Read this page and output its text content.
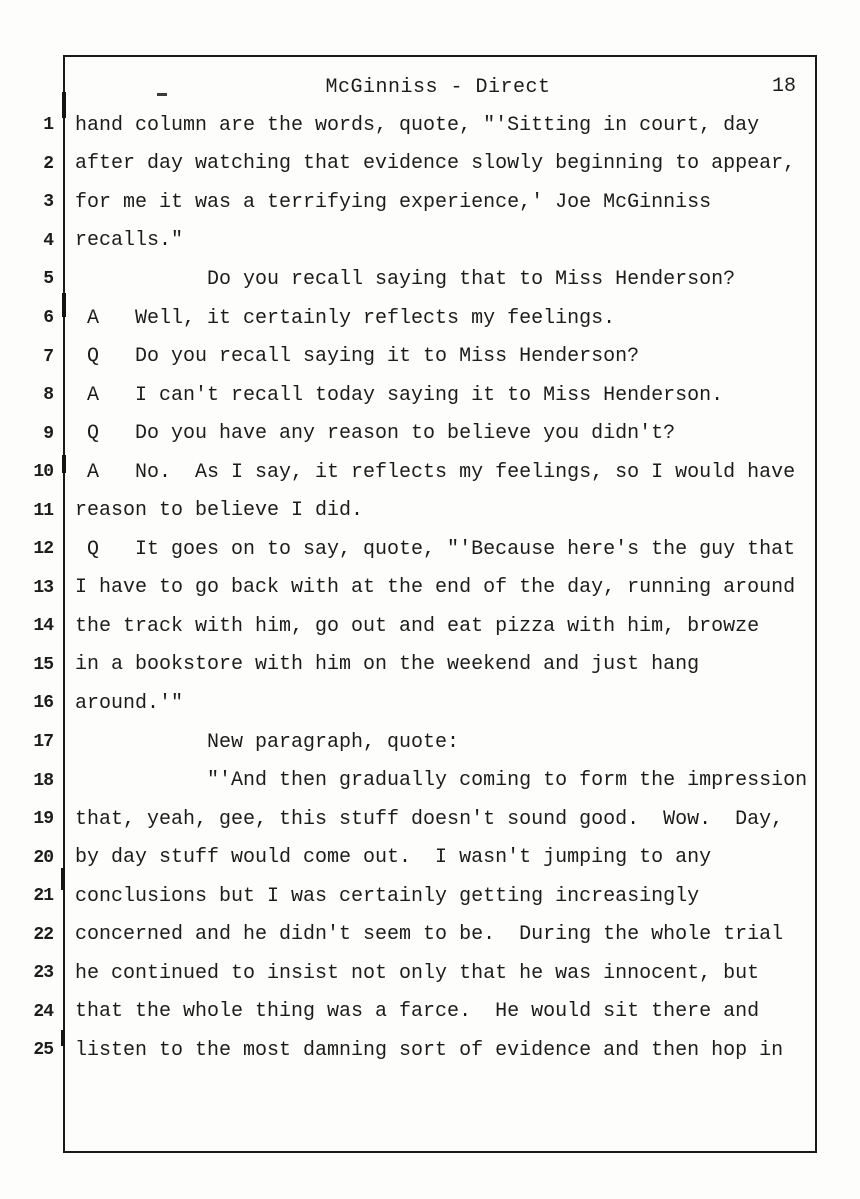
McGinniss - Direct	18
1 hand column are the words, quote, "'Sitting in court, day
2 after day watching that evidence slowly beginning to appear,
3 for me it was a terrifying experience,' Joe McGinniss
4 recalls."
5 Do you recall saying that to Miss Henderson?
6 A   Well, it certainly reflects my feelings.
7 Q   Do you recall saying it to Miss Henderson?
8 A   I can't recall today saying it to Miss Henderson.
9 Q   Do you have any reason to believe you didn't?
10 A   No.  As I say, it reflects my feelings, so I would have
11 reason to believe I did.
12 Q   It goes on to say, quote, "'Because here's the guy that
13 I have to go back with at the end of the day, running around
14 the track with him, go out and eat pizza with him, browze
15 in a bookstore with him on the weekend and just hang
16 around.'"
17 New paragraph, quote:
18 "'And then gradually coming to form the impression
19 that, yeah, gee, this stuff doesn't sound good.  Wow.  Day,
20 by day stuff would come out.  I wasn't jumping to any
21 conclusions but I was certainly getting increasingly
22 concerned and he didn't seem to be.  During the whole trial
23 he continued to insist not only that he was innocent, but
24 that the whole thing was a farce.  He would sit there and
25 listen to the most damning sort of evidence and then hop in
